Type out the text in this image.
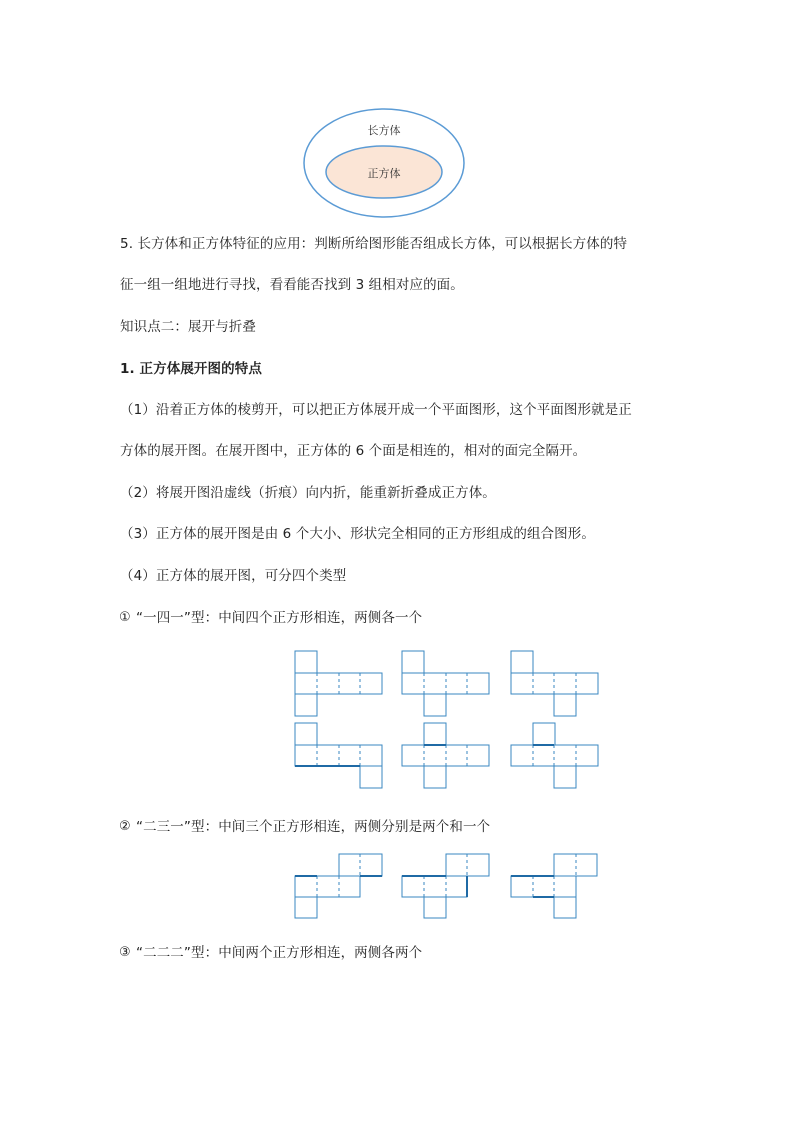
长方体
正方体
5. 长方体和正方体特征的应用：判断所给图形能否组成长方体，可以根据长方体的特
征一组一组地进行寻找，看看能否找到 3 组相对应的面。
知识点二：展开与折叠
1. 正方体展开图的特点
（1）沿着正方体的棱剪开，可以把正方体展开成一个平面图形，这个平面图形就是正
方体的展开图。在展开图中，正方体的 6 个面是相连的，相对的面完全隔开。
（2）将展开图沿虚线（折痕）向内折，能重新折叠成正方体。
（3）正方体的展开图是由 6 个大小、形状完全相同的正方形组成的组合图形。
（4）正方体的展开图，可分四个类型
① “一四一”型：中间四个正方形相连，两侧各一个
② “二三一”型：中间三个正方形相连，两侧分别是两个和一个
③ “二二二”型：中间两个正方形相连，两侧各两个
